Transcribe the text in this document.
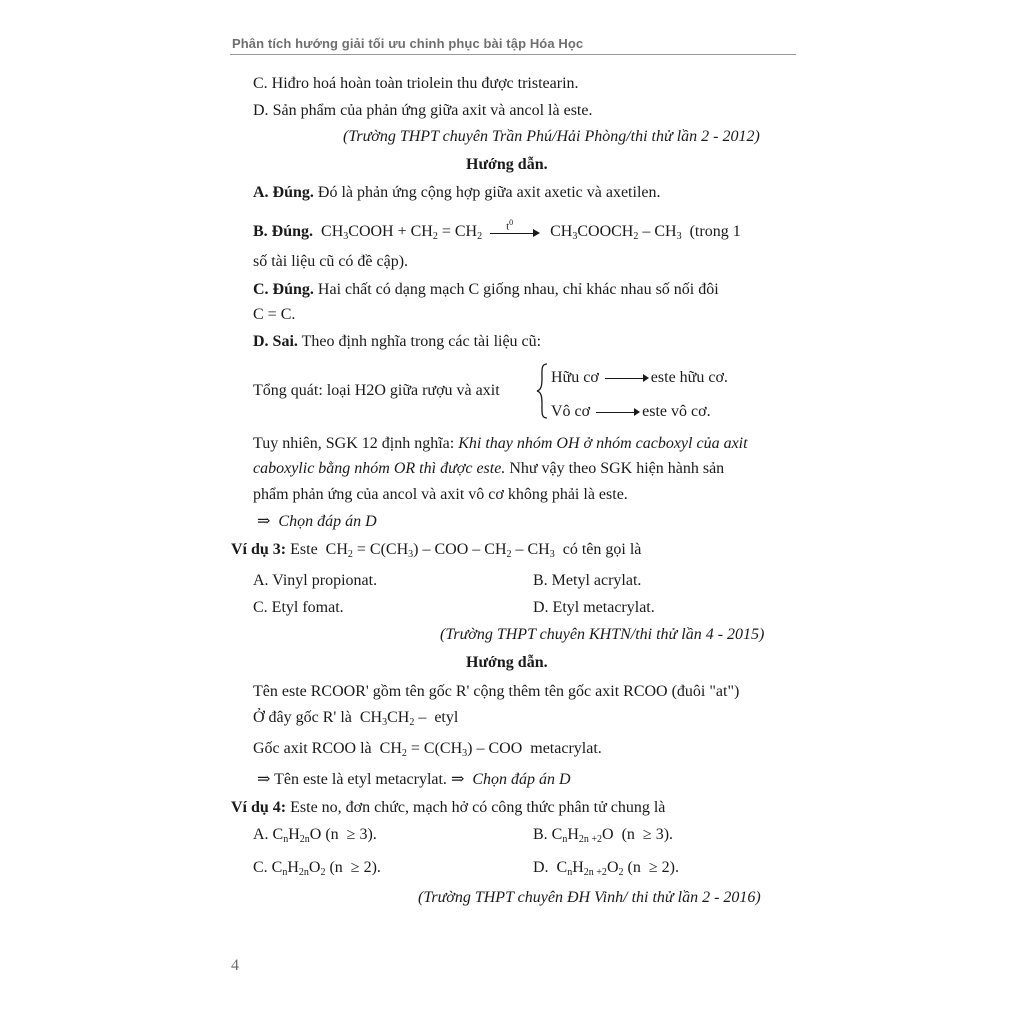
Phân tích hướng giải tối ưu chinh phục bài tập Hóa Học
C. Hiđro hoá hoàn toàn triolein thu được tristearin.
D. Sản phẩm của phản ứng giữa axit và ancol là este.
(Trường THPT chuyên Trần Phú/Hải Phòng/thi thử lần 2 - 2012)
Hướng dẫn.
A. Đúng. Đó là phản ứng cộng hợp giữa axit axetic và axetilen.
B. Đúng. $CH_3COOH + CH_2 = CH_2$
$t^0$
$CH_3COOCH_2 - CH_3$ (trong 1
số tài liệu cũ có đề cập).
C. Đúng. Hai chất có dạng mạch C giống nhau, chỉ khác nhau số nối đôi
C = C.
D. Sai. Theo định nghĩa trong các tài liệu cũ:
Tổng quát: loại H2O giữa rượu và axit
Hữu cơ	este hữu cơ.
Vô cơ	este vô cơ.
Tuy nhiên, SGK 12 định nghĩa: Khi thay nhóm OH ở nhóm cacboxyl của axit
caboxylic bằng nhóm OR thì được este. Như vậy theo SGK hiện hành sản
phẩm phản ứng của ancol và axit vô cơ không phải là este.
⇒ Chọn đáp án D
Ví dụ 3: Este $CH_2 = C(CH_3)$ – COO – $CH_2 - CH_3$ có tên gọi là
A. Vinyl propionat.	B. Metyl acrylat.
C. Etyl fomat.	D. Etyl metacrylat.
(Trường THPT chuyên KHTN/thi thử lần 4 - 2015)
Hướng dẫn.
Tên este RCOOR' gồm tên gốc R' cộng thêm tên gốc axit RCOO (đuôi "at")
Ở đây gốc R' là $CH_3CH_2$ – etyl
Gốc axit RCOO là $CH_2 = C(CH_3)$ – COO metacrylat.
⇒ Tên este là etyl metacrylat. ⇒ Chọn đáp án D
Ví dụ 4: Este no, đơn chức, mạch hở có công thức phân tử chung là
A. $C_nH_{2n}O$ (n  ≥ 3).	B. $C_nH_{2n +2}O$  (n  ≥ 3).
C. $C_nH_{2n}O_2$ (n  ≥ 2).	D.  $C_nH_{2n +2}O_2$ (n  ≥ 2).
(Trường THPT chuyên ĐH Vinh/ thi thử lần 2 - 2016)
4
